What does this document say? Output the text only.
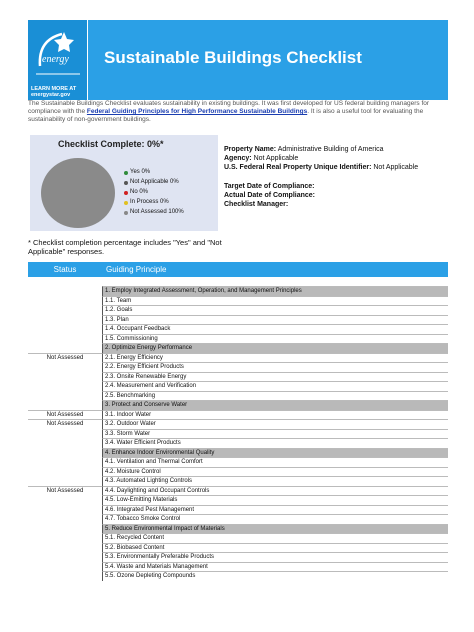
energy
LEARN MORE AT energystar.gov
Sustainable Buildings Checklist
The Sustainable Buildings Checklist evaluates sustainability in existing buildings. It was first developed for US federal building managers for compliance with the Federal Guiding Principles for High Performance Sustainable Buildings. It is also a useful tool for evaluating the sustainability of non-government buildings.
Checklist Complete: 0%*
Yes 0%
Not Applicable 0%
No 0%
In Process 0%
Not Assessed 100%
Property Name: Administrative Building of America
Agency: Not Applicable
U.S. Federal Real Property Unique Identifier: Not Applicable
Target Date of Compliance:
Actual Date of Compliance:
Checklist Manager:
* Checklist completion percentage includes "Yes" and "Not Applicable" responses.
Status	Guiding Principle
1. Employ Integrated Assessment, Operation, and Management Principles
1.1. Team
1.2. Goals
1.3. Plan
1.4. Occupant Feedback
1.5. Commissioning
2. Optimize Energy Performance
Not Assessed	2.1. Energy Efficiency
2.2. Energy Efficient Products
2.3. Onsite Renewable Energy
2.4. Measurement and Verification
2.5. Benchmarking
3. Protect and Conserve Water
Not Assessed	3.1. Indoor Water
Not Assessed	3.2. Outdoor Water
3.3. Storm Water
3.4. Water Efficient Products
4. Enhance Indoor Environmental Quality
4.1. Ventilation and Thermal Comfort
4.2. Moisture Control
4.3. Automated Lighting Controls
Not Assessed	4.4. Daylighting and Occupant Controls
4.5. Low-Emitting Materials
4.6. Integrated Pest Management
4.7. Tobacco Smoke Control
5. Reduce Environmental Impact of Materials
5.1. Recycled Content
5.2. Biobased Content
5.3. Environmentally Preferable Products
5.4. Waste and Materials Management
5.5. Ozone Depleting Compounds
